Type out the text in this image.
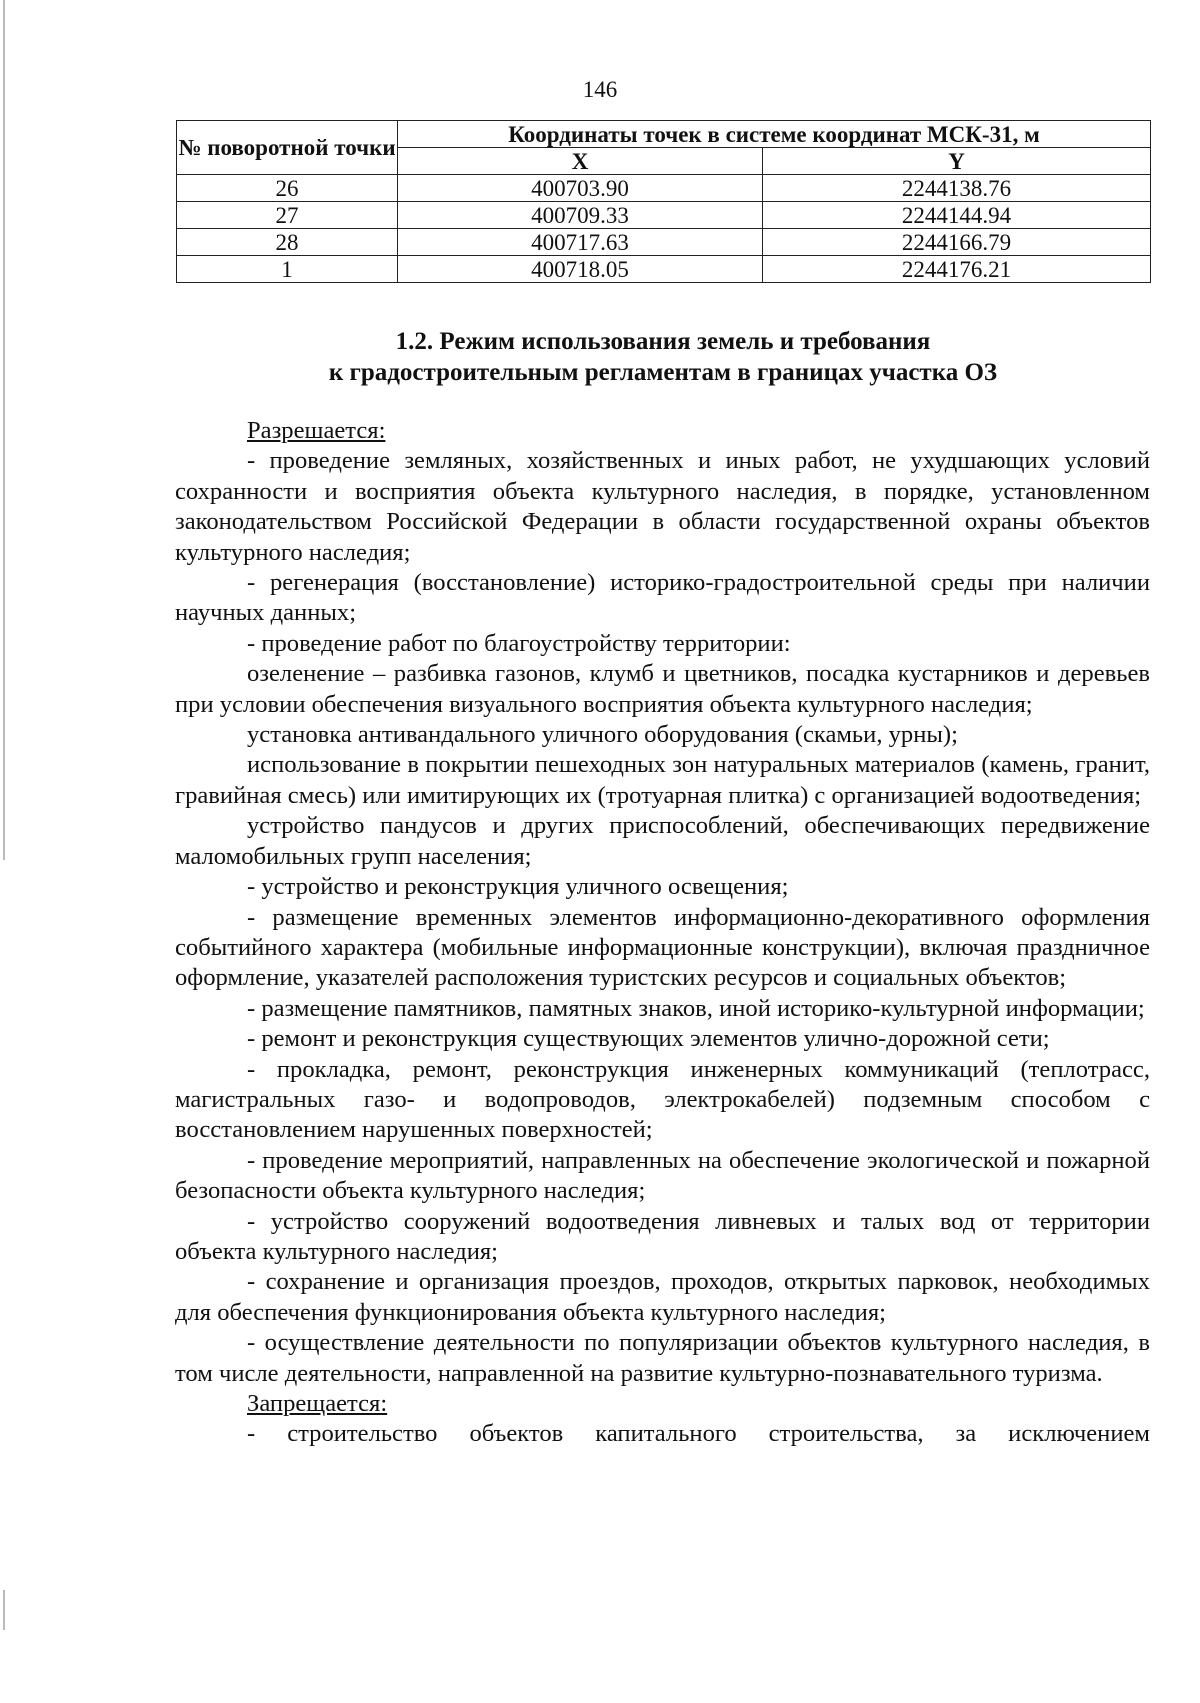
146
№ поворотной точки	Координаты точек в системе координат МСК-31, м	
	X	Y
26	400703.90	2244138.76
27	400709.33	2244144.94
28	400717.63	2244166.79
1	400718.05	2244176.21
1.2. Режим использования земель и требования
к градостроительным регламентам в границах участка ОЗ

Разрешается:

- проведение земляных, хозяйственных и иных работ, не ухудшающих условий сохранности и восприятия объекта культурного наследия, в порядке, установленном законодательством Российской Федерации в области государственной охраны объектов культурного наследия;

- регенерация (восстановление) историко-градостроительной среды при наличии научных данных;

- проведение работ по благоустройству территории:

озеленение – разбивка газонов, клумб и цветников, посадка кустарников и деревьев при условии обеспечения визуального восприятия объекта культурного наследия;

установка антивандального уличного оборудования (скамьи, урны);

использование в покрытии пешеходных зон натуральных материалов (камень, гранит, гравийная смесь) или имитирующих их (тротуарная плитка) с организацией водоотведения;

устройство пандусов и других приспособлений, обеспечивающих передвижение маломобильных групп населения;

- устройство и реконструкция уличного освещения;

- размещение временных элементов информационно-декоративного оформления событийного характера (мобильные информационные конструкции), включая праздничное оформление, указателей расположения туристских ресурсов и социальных объектов;

- размещение памятников, памятных знаков, иной историко-культурной информации;

- ремонт и реконструкция существующих элементов улично-дорожной сети;

- прокладка, ремонт, реконструкция инженерных коммуникаций (теплотрасс, магистральных газо- и водопроводов, электрокабелей) подземным способом с восстановлением нарушенных поверхностей;

- проведение мероприятий, направленных на обеспечение экологической и пожарной безопасности объекта культурного наследия;

- устройство сооружений водоотведения ливневых и талых вод от территории объекта культурного наследия;

- сохранение и организация проездов, проходов, открытых парковок, необходимых для обеспечения функционирования объекта культурного наследия;

- осуществление деятельности по популяризации объектов культурного наследия, в том числе деятельности, направленной на развитие культурно-познавательного туризма.

Запрещается:

- строительство объектов капитального строительства, за исключением
